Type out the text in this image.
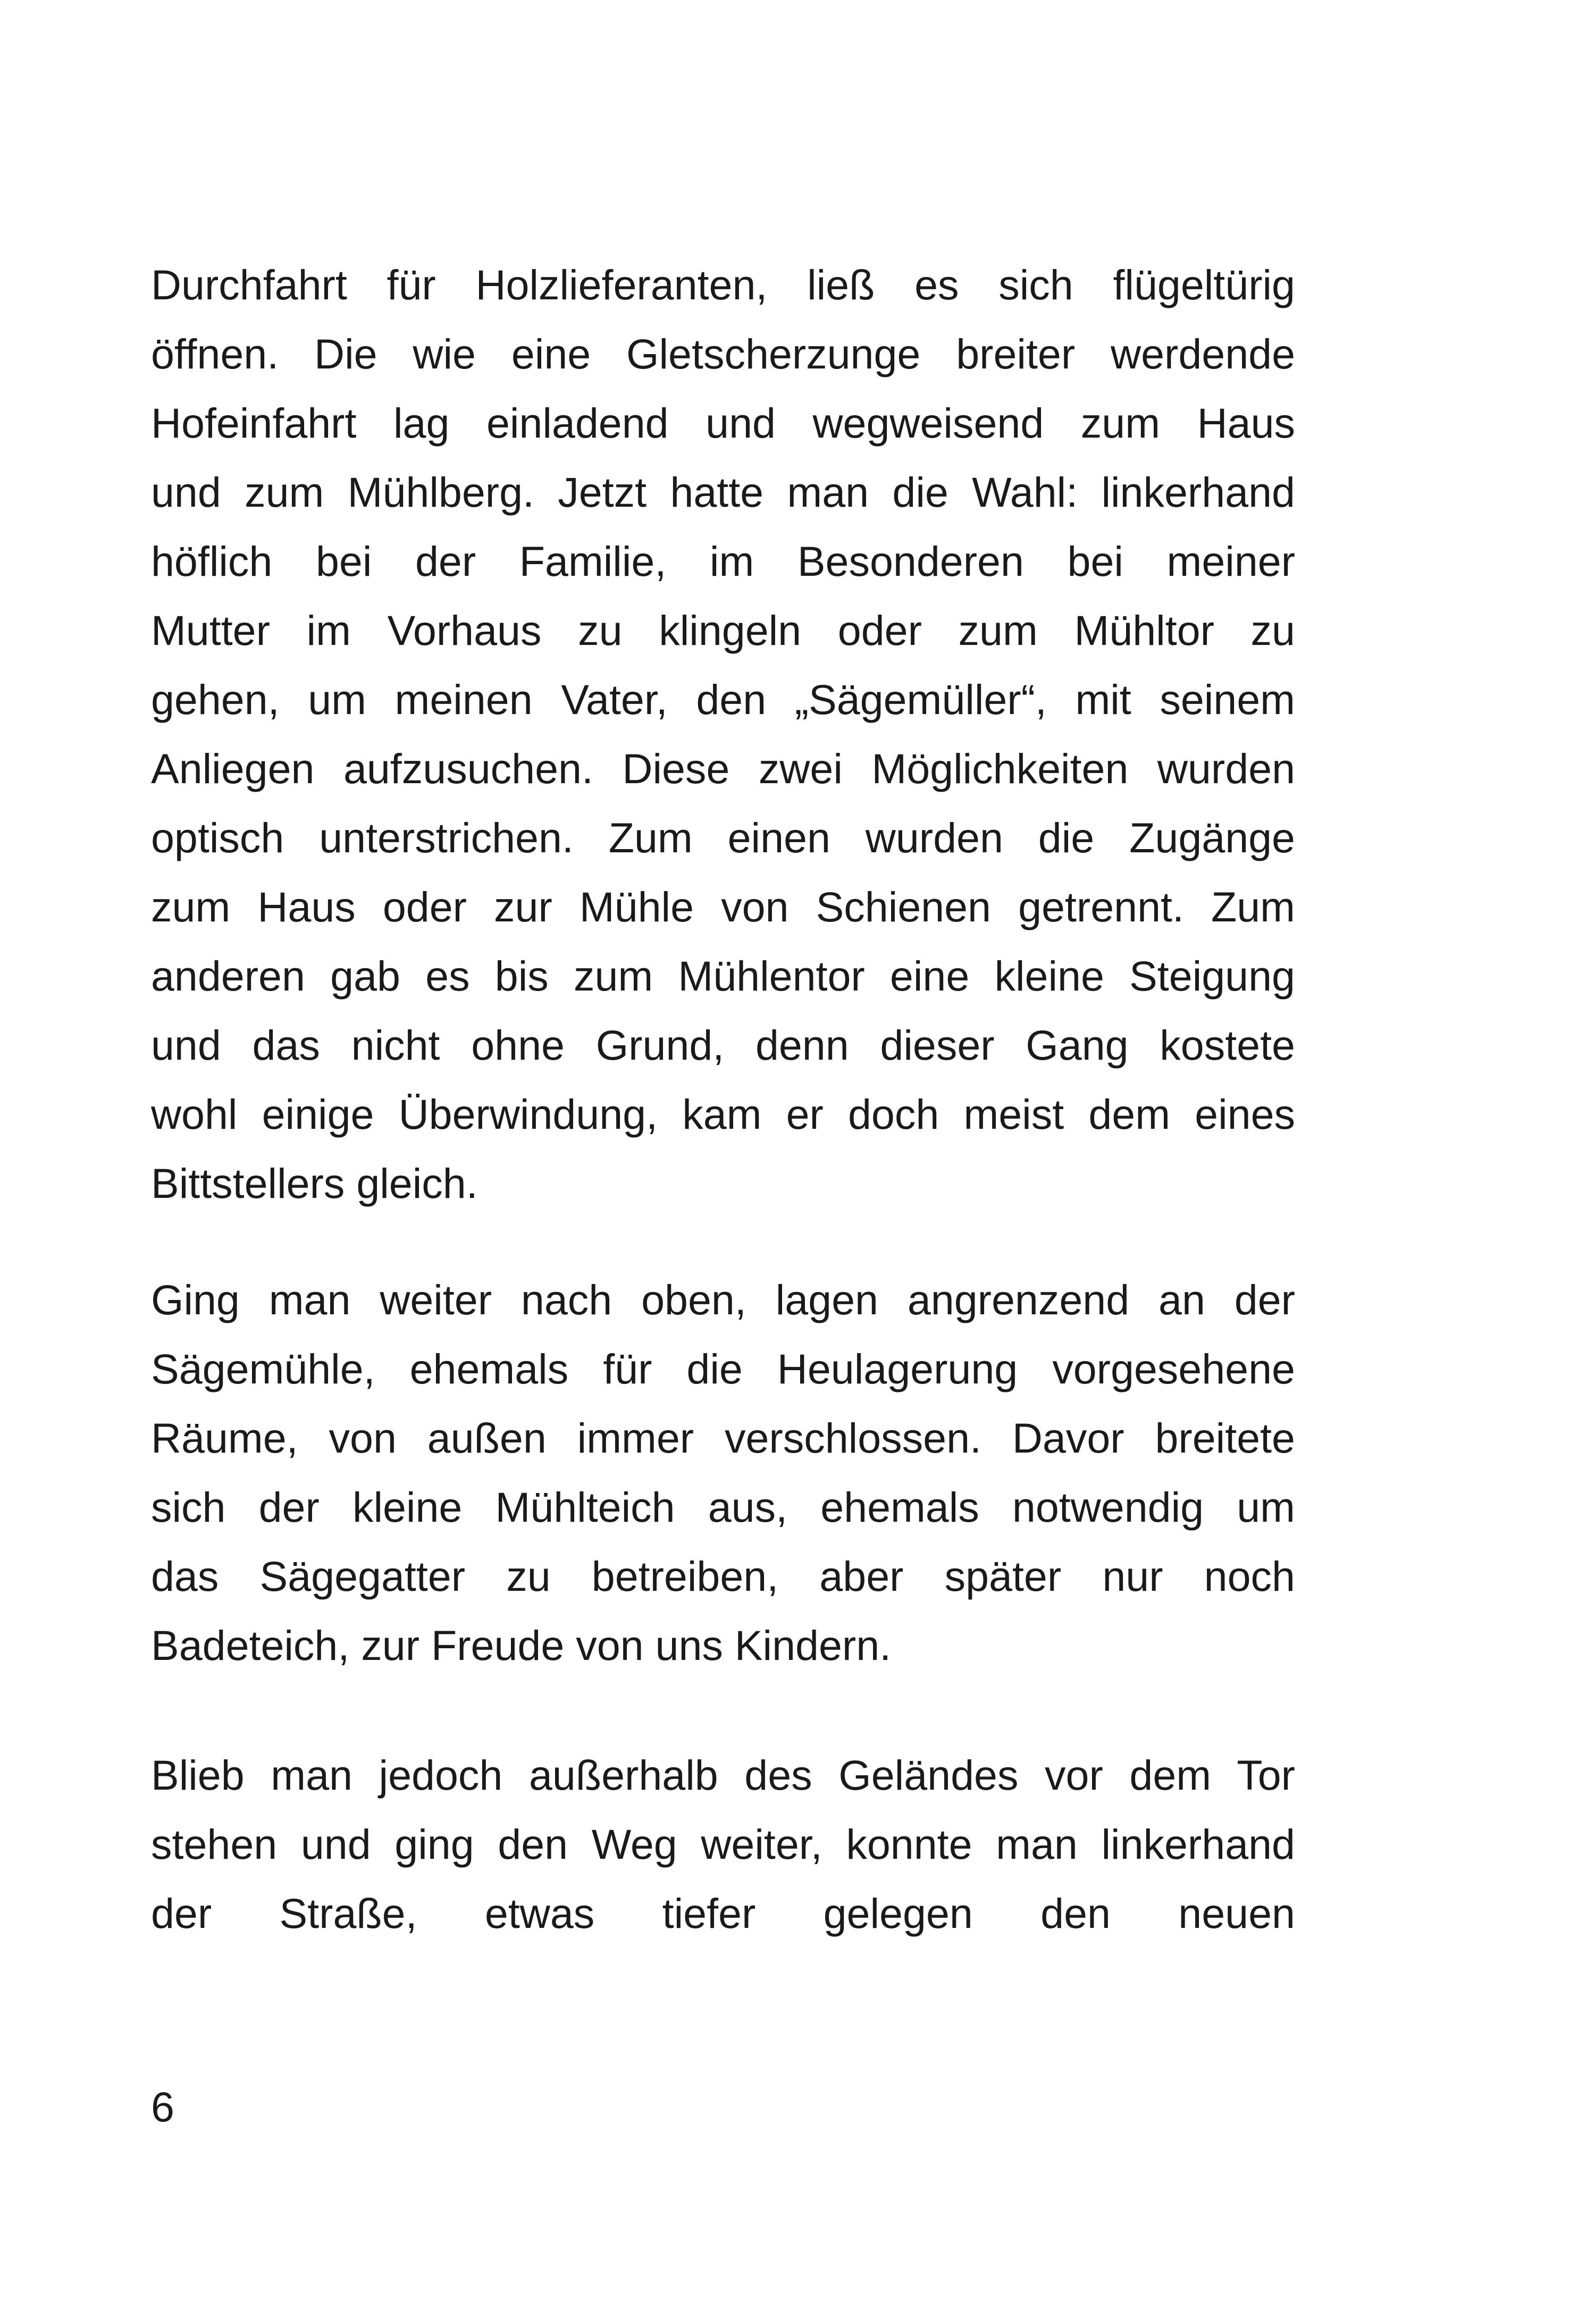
Durchfahrt für Holzlieferanten, ließ es sich flügeltürig
öffnen. Die wie eine Gletscherzunge breiter werdende
Hofeinfahrt lag einladend und wegweisend zum Haus
und zum Mühlberg. Jetzt hatte man die Wahl: linkerhand
höflich bei der Familie, im Besonderen bei meiner
Mutter im Vorhaus zu klingeln oder zum Mühltor zu
gehen, um meinen Vater, den „Sägemüller“, mit seinem
Anliegen aufzusuchen. Diese zwei Möglichkeiten wurden
optisch unterstrichen. Zum einen wurden die Zugänge
zum Haus oder zur Mühle von Schienen getrennt. Zum
anderen gab es bis zum Mühlentor eine kleine Steigung
und das nicht ohne Grund, denn dieser Gang kostete
wohl einige Überwindung, kam er doch meist dem eines
Bittstellers gleich.
Ging man weiter nach oben, lagen angrenzend an der
Sägemühle, ehemals für die Heulagerung vorgesehene
Räume, von außen immer verschlossen. Davor breitete
sich der kleine Mühlteich aus, ehemals notwendig um
das Sägegatter zu betreiben, aber später nur noch
Badeteich, zur Freude von uns Kindern.
Blieb man jedoch außerhalb des Geländes vor dem Tor
stehen und ging den Weg weiter, konnte man linkerhand
der Straße, etwas tiefer gelegen den neuen
6
